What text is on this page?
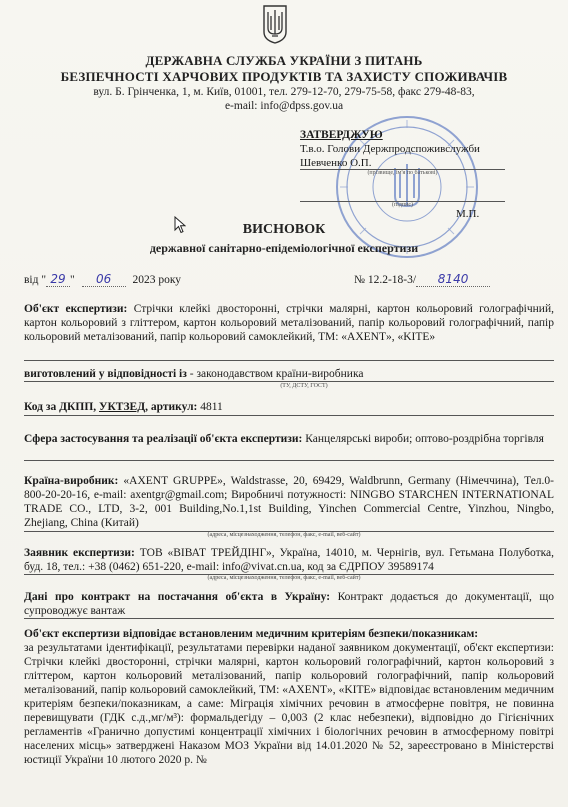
ДЕРЖАВНА СЛУЖБА УКРАЇНИ З ПИТАНЬ
БЕЗПЕЧНОСТІ ХАРЧОВИХ ПРОДУКТІВ ТА ЗАХИСТУ СПОЖИВАЧІВ
вул. Б. Грінченка, 1, м. Київ, 01001, тел. 279-12-70, 279-75-58, факс 279-48-83,
e-mail: info@dpss.gov.ua
ЗАТВЕРДЖУЮ
Т.в.о. Голови Держпродспоживслужби
Шевченко О.П.
(прізвище, ім'я по батькові)
(підпис)
М.П.
ВИСНОВОК
державної санітарно-епідеміологічної експертизи
від " 29 " 06 2023 року	№ 12.2-18-3/ 8140
Об'єкт експертизи: Стрічки клейкі двосторонні, стрічки малярні, картон кольоровий голографічний, картон кольоровий з гліттером, картон кольоровий металізований, папір кольоровий голографічний, папір кольоровий металізований, папір кольоровий самоклейкий, ТМ: «AXENT», «KITE»
виготовлений у відповідності із - законодавством країни-виробника
(ТУ, ДСТУ, ГОСТ)
Код за ДКПП, УКТЗЕД, артикул: 4811
Сфера застосування та реалізації об'єкта експертизи: Канцелярські вироби; оптово-роздрібна торгівля
Країна-виробник: «AXENT GRUPPE», Waldstrasse, 20, 69429, Waldbrunn, Germany (Німеччина), Тел.0-800-20-20-16, e-mail: axentgr@gmail.com; Виробничі потужності: NINGBO STARCHEN INTERNATIONAL TRADE CO., LTD, 3-2, 001 Building,No.1,1st Building, Yinchen Commercial Centre, Yinzhou, Ningbo, Zhejiang, China (Китай)
(адреса, місцезнаходження, телефон, факс, e-mail, веб-сайт)
Заявник експертизи: ТОВ «ВІВАТ ТРЕЙДІНГ», Україна, 14010, м. Чернігів, вул. Гетьмана Полуботка, буд. 18, тел.: +38 (0462) 651-220, e-mail: info@vivat.cn.ua, код за ЄДРПОУ 39589174
(адреса, місцезнаходження, телефон, факс, e-mail, веб-сайт)
Дані про контракт на постачання об'єкта в Україну: Контракт додається до документації, що супроводжує вантаж
Об'єкт експертизи відповідає встановленим медичним критеріям безпеки/показникам:
за результатами ідентифікації, результатами перевірки наданої заявником документації, об'єкт експертизи: Стрічки клейкі двосторонні, стрічки малярні, картон кольоровий голографічний, картон кольоровий з гліттером, картон кольоровий металізований, папір кольоровий голографічний, папір кольоровий металізований, папір кольоровий самоклейкий, ТМ: «AXENT», «KITE» відповідає встановленим медичним критеріям безпеки/показникам, а саме: Міграція хімічних речовин в атмосферне повітря, не повинна перевищувати (ГДК с.д.,мг/м³): формальдегіду – 0,003 (2 клас небезпеки), відповідно до Гігієнічних регламентів «Гранично допустимі концентрації хімічних і біологічних речовин в атмосферному повітрі населених місць» затверджені Наказом МОЗ України від 14.01.2020 № 52, зареєстровано в Міністерстві юстиції України 10 лютого 2020 р. №
